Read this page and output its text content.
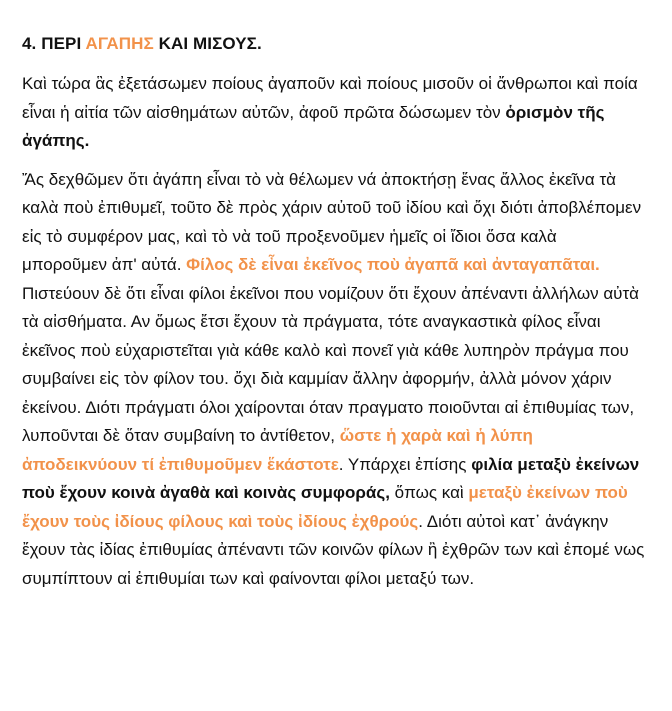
4. ΠΕΡΙ ΑΓΑΠΗΣ ΚΑΙ ΜΙΣΟΥΣ.

Καὶ τώρα ἃς ἐξετάσωμεν ποίους ἀγαποῦν καὶ ποίους μισοῦν οἱ ἄνθρωποι καὶ ποία εἶναι ἡ αἰτία τῶν αἰσθημάτων αὐτῶν, ἀφοῦ πρῶτα δώσωμεν τὸν ὁρισμὸν τῆς ἀγάπης.

Ἄς δεχθῶμεν ὅτι ἀγάπη εἶναι τὸ νὰ θέλωμεν νά ἀποκτήσῃ ἕνας ἄλλος ἐκεῖνα τὰ καλὰ ποὺ ἐπιθυμεῖ, τοῦτο δὲ πρὸς χάριν αὐτοῦ τοῦ ἰδίου καὶ ὄχι διότι ἀποβλέπομεν εἰς τὸ συμφέρον μας, καὶ τὸ νὰ τοῦ προξενοῦμεν ἡμεῖς οἱ ἴδιοι ὅσα καλὰ μποροῦμεν ἀπ' αὐτά. Φίλος δὲ εἶναι ἐκεῖνος ποὺ ἀγαπᾶ καὶ ἀνταγαπᾶται. Πιστεύουν δὲ ὅτι εἶναι φίλοι ἐκεῖνοι που νομίζουν ὅτι ἔχουν ἀπέναντι ἀλλήλων αὐτὰ τὰ αἰσθήματα. Αν ὅμως ἔτσι ἔχουν τὰ πράγματα, τότε αναγκαστικὰ φίλος εἶναι ἐκεῖνος ποὺ εὐχαριστεῖται γιὰ κάθε καλὸ καὶ πονεῖ γιὰ κάθε λυπηρὸν πράγμα που συμβαίνει εἰς τὸν φίλον του. ὄχι διὰ καμμίαν ἄλλην ἀφορμήν, ἀλλὰ μόνον χάριν ἐκείνου. Διότι πράγματι όλοι χαίρονται όταν πραγματο ποιοῦνται αἱ ἐπιθυμίας των, λυποῦνται δὲ ὅταν συμβαίνη το ἀντίθετον, ὥστε ἡ χαρὰ καὶ ἡ λύπη ἀποδεικνύουν τί ἐπιθυμοῦμεν ἕκάστοτε. Υπάρχει ἐπίσης φιλία μεταξὺ ἐκείνων ποὺ ἔχουν κοινὰ ἀγαθὰ καὶ κοινὰς συμφοράς, ὅπως καὶ μεταξὺ ἐκείνων ποὺ ἔχουν τοὺς ἰδίους φίλους καὶ τοὺς ἰδίους ἐχθρούς. Διότι αὐτοὶ κατ᾽ ἀνάγκην ἔχουν τὰς ἰδίας ἐπιθυμίας ἀπέναντι τῶν κοινῶν φίλων ἢ ἐχθρῶν των καὶ ἐπομέ νως συμπίπτουν αἱ ἐπιθυμίαι των καὶ φαίνονται φίλοι μεταξύ των.
